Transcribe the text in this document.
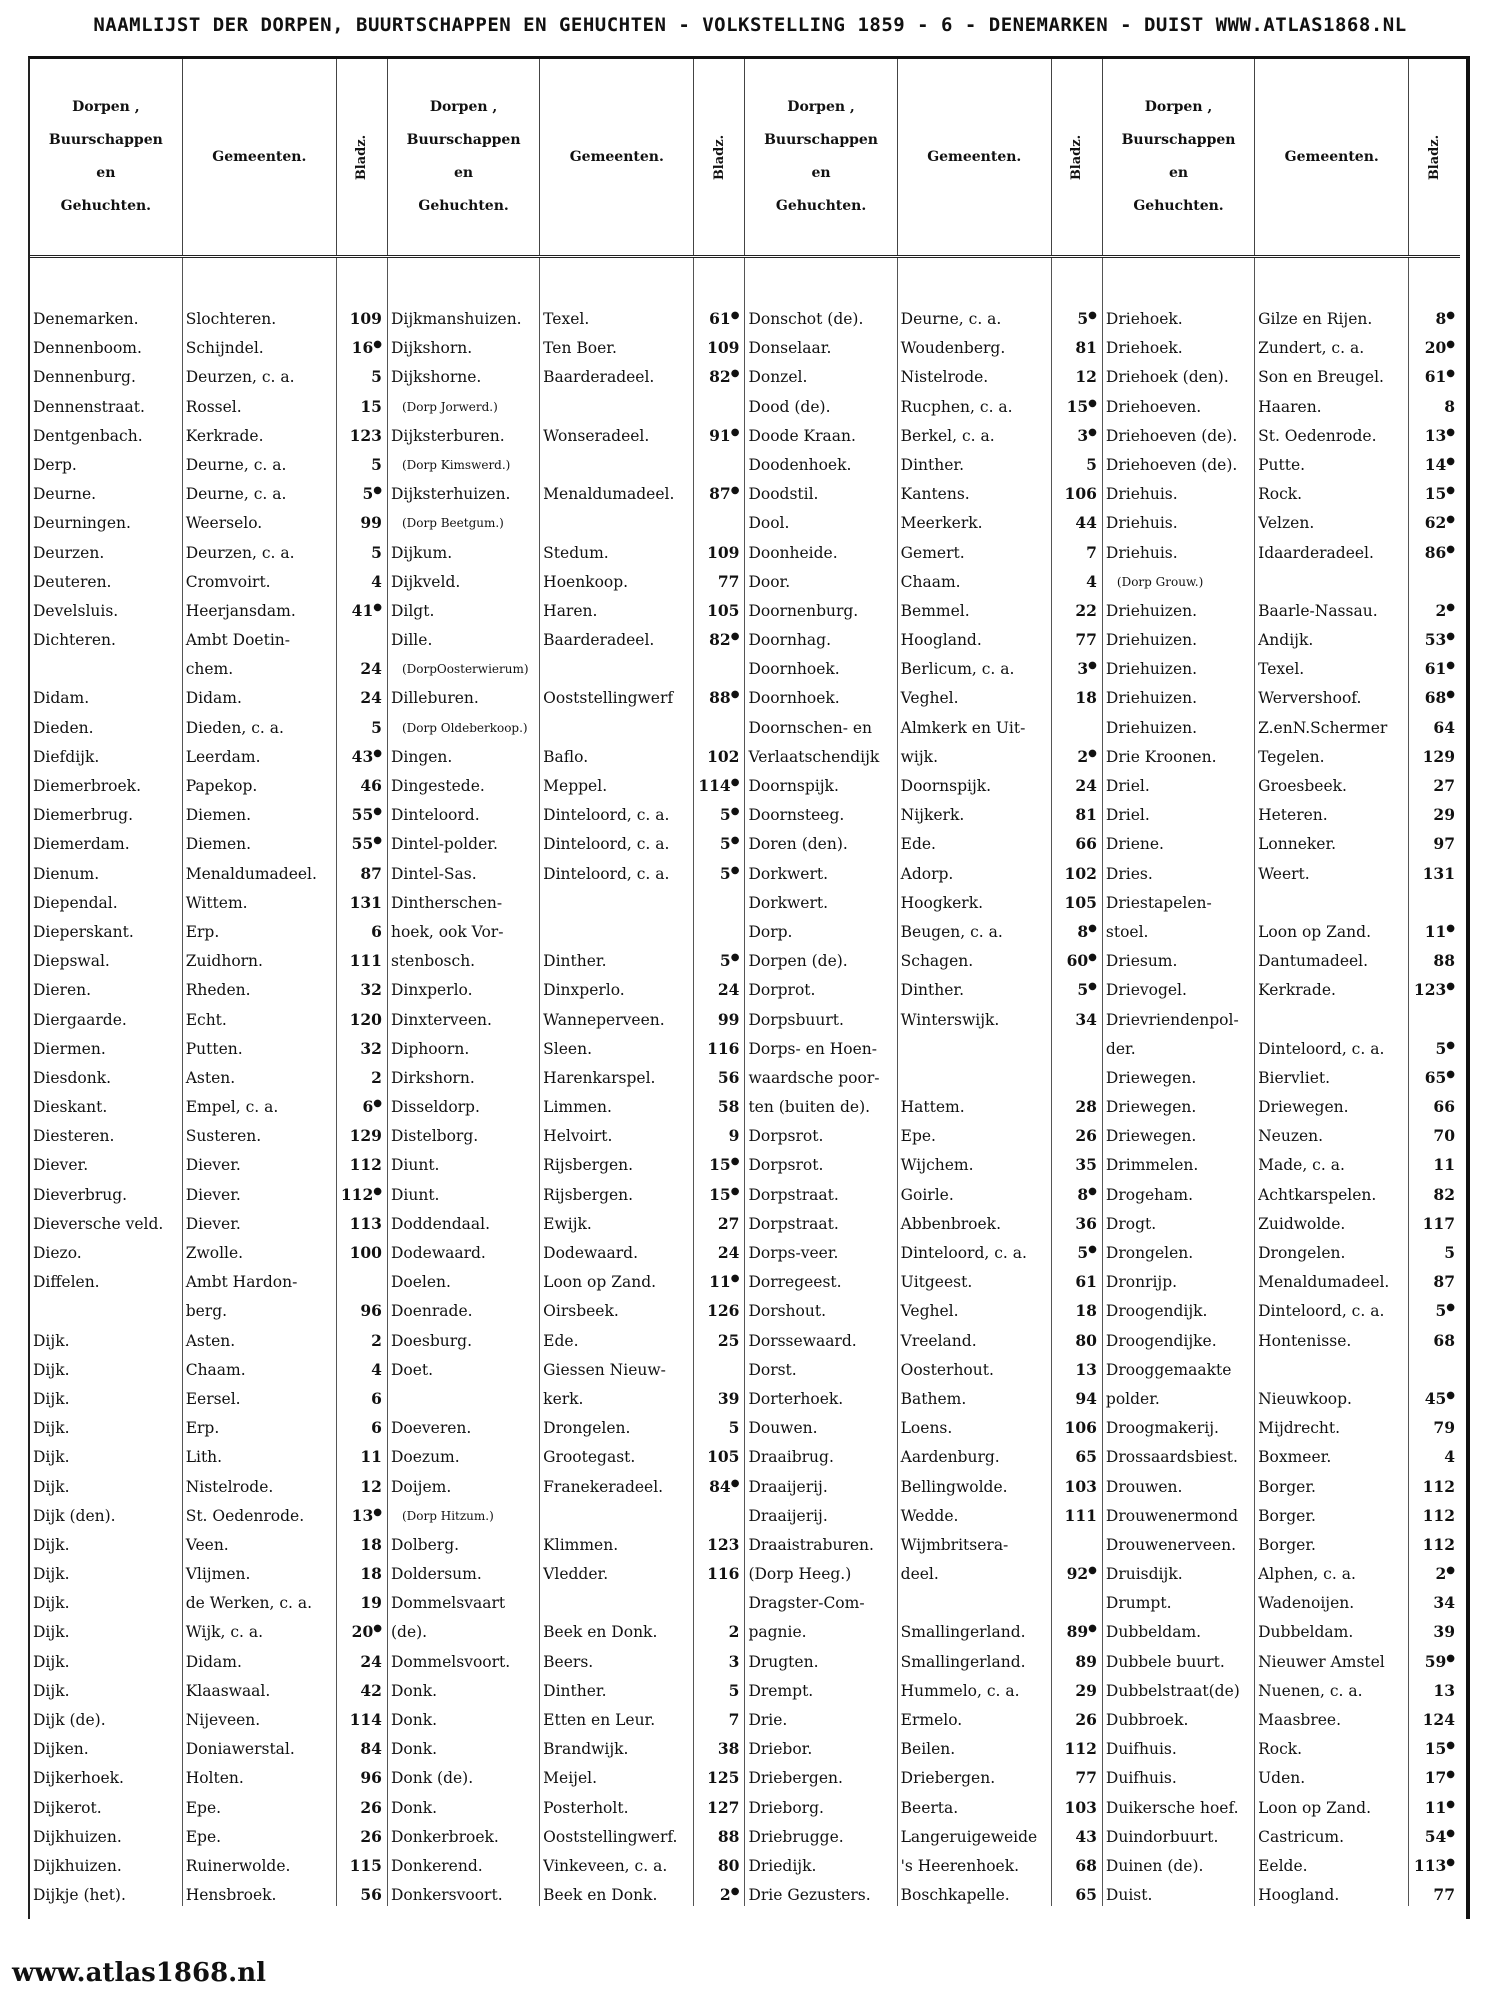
NAAMLIJST DER DORPEN, BUURTSCHAPPEN EN GEHUCHTEN - VOLKSTELLING 1859 - 6 - DENEMARKEN - DUIST WWW.ATLAS1868.NL
Dorpen ,
Buurschappen
en
Gehuchten.	Gemeenten.	Bladz.	Dorpen ,
Buurschappen
en
Gehuchten.	Gemeenten.	Bladz.	Dorpen ,
Buurschappen
en
Gehuchten.	Gemeenten.	Bladz.	Dorpen ,
Buurschappen
en
Gehuchten.	Gemeenten.	Bladz.
Denemarken.	Slochteren.	109	Dijkmanshuizen.	Texel.	61●	Donschot (de).	Deurne, c. a.	5●	Driehoek.	Gilze en Rijen.	8●
Dennenboom.	Schijndel.	16●	Dijkshorn.	Ten Boer.	109	Donselaar.	Woudenberg.	81	Driehoek.	Zundert, c. a.	20●
Dennenburg.	Deurzen, c. a.	5	Dijkshorne.	Baarderadeel.	82●	Donzel.	Nistelrode.	12	Driehoek (den).	Son en Breugel.	61●
Dennenstraat.	Rossel.	15	(Dorp Jorwerd.)			Dood (de).	Rucphen, c. a.	15●	Driehoeven.	Haaren.	8
Dentgenbach.	Kerkrade.	123	Dijksterburen.	Wonseradeel.	91●	Doode Kraan.	Berkel, c. a.	3●	Driehoeven (de).	St. Oedenrode.	13●
Derp.	Deurne, c. a.	5	(Dorp Kimswerd.)			Doodenhoek.	Dinther.	5	Driehoeven (de).	Putte.	14●
Deurne.	Deurne, c. a.	5●	Dijksterhuizen.	Menaldumadeel.	87●	Doodstil.	Kantens.	106	Driehuis.	Rock.	15●
Deurningen.	Weerselo.	99	(Dorp Beetgum.)			Dool.	Meerkerk.	44	Driehuis.	Velzen.	62●
Deurzen.	Deurzen, c. a.	5	Dijkum.	Stedum.	109	Doonheide.	Gemert.	7	Driehuis.	Idaarderadeel.	86●
Deuteren.	Cromvoirt.	4	Dijkveld.	Hoenkoop.	77	Door.	Chaam.	4	(Dorp Grouw.)		
Develsluis.	Heerjansdam.	41●	Dilgt.	Haren.	105	Doornenburg.	Bemmel.	22	Driehuizen.	Baarle-Nassau.	2●
Dichteren.	Ambt Doetin-		Dille.	Baarderadeel.	82●	Doornhag.	Hoogland.	77	Driehuizen.	Andijk.	53●
	chem.	24	(DorpOosterwierum)			Doornhoek.	Berlicum, c. a.	3●	Driehuizen.	Texel.	61●
Didam.	Didam.	24	Dilleburen.	Ooststellingwerf	88●	Doornhoek.	Veghel.	18	Driehuizen.	Wervershoof.	68●
Dieden.	Dieden, c. a.	5	(Dorp Oldeberkoop.)			Doornschen- en	Almkerk en Uit-		Driehuizen.	Z.enN.Schermer	64
Diefdijk.	Leerdam.	43●	Dingen.	Baflo.	102	Verlaatschendijk	wijk.	2●	Drie Kroonen.	Tegelen.	129
Diemerbroek.	Papekop.	46	Dingestede.	Meppel.	114●	Doornspijk.	Doornspijk.	24	Driel.	Groesbeek.	27
Diemerbrug.	Diemen.	55●	Dinteloord.	Dinteloord, c. a.	5●	Doornsteeg.	Nijkerk.	81	Driel.	Heteren.	29
Diemerdam.	Diemen.	55●	Dintel-polder.	Dinteloord, c. a.	5●	Doren (den).	Ede.	66	Driene.	Lonneker.	97
Dienum.	Menaldumadeel.	87	Dintel-Sas.	Dinteloord, c. a.	5●	Dorkwert.	Adorp.	102	Dries.	Weert.	131
Diependal.	Wittem.	131	Dintherschen-			Dorkwert.	Hoogkerk.	105	Driestapelen-		
Dieperskant.	Erp.	6	hoek, ook Vor-			Dorp.	Beugen, c. a.	8●	stoel.	Loon op Zand.	11●
Diepswal.	Zuidhorn.	111	stenbosch.	Dinther.	5●	Dorpen (de).	Schagen.	60●	Driesum.	Dantumadeel.	88
Dieren.	Rheden.	32	Dinxperlo.	Dinxperlo.	24	Dorprot.	Dinther.	5●	Drievogel.	Kerkrade.	123●
Diergaarde.	Echt.	120	Dinxterveen.	Wanneperveen.	99	Dorpsbuurt.	Winterswijk.	34	Drievriendenpol-		
Diermen.	Putten.	32	Diphoorn.	Sleen.	116	Dorps- en Hoen-			der.	Dinteloord, c. a.	5●
Diesdonk.	Asten.	2	Dirkshorn.	Harenkarspel.	56	waardsche poor-			Driewegen.	Biervliet.	65●
Dieskant.	Empel, c. a.	6●	Disseldorp.	Limmen.	58	ten (buiten de).	Hattem.	28	Driewegen.	Driewegen.	66
Diesteren.	Susteren.	129	Distelborg.	Helvoirt.	9	Dorpsrot.	Epe.	26	Driewegen.	Neuzen.	70
Diever.	Diever.	112	Diunt.	Rijsbergen.	15●	Dorpsrot.	Wijchem.	35	Drimmelen.	Made, c. a.	11
Dieverbrug.	Diever.	112●	Diunt.	Rijsbergen.	15●	Dorpstraat.	Goirle.	8●	Drogeham.	Achtkarspelen.	82
Dieversche veld.	Diever.	113	Doddendaal.	Ewijk.	27	Dorpstraat.	Abbenbroek.	36	Drogt.	Zuidwolde.	117
Diezo.	Zwolle.	100	Dodewaard.	Dodewaard.	24	Dorps-veer.	Dinteloord, c. a.	5●	Drongelen.	Drongelen.	5
Diffelen.	Ambt Hardon-		Doelen.	Loon op Zand.	11●	Dorregeest.	Uitgeest.	61	Dronrijp.	Menaldumadeel.	87
	berg.	96	Doenrade.	Oirsbeek.	126	Dorshout.	Veghel.	18	Droogendijk.	Dinteloord, c. a.	5●
Dijk.	Asten.	2	Doesburg.	Ede.	25	Dorssewaard.	Vreeland.	80	Droogendijke.	Hontenisse.	68
Dijk.	Chaam.	4	Doet.	Giessen Nieuw-		Dorst.	Oosterhout.	13	Drooggemaakte		
Dijk.	Eersel.	6		kerk.	39	Dorterhoek.	Bathem.	94	polder.	Nieuwkoop.	45●
Dijk.	Erp.	6	Doeveren.	Drongelen.	5	Douwen.	Loens.	106	Droogmakerij.	Mijdrecht.	79
Dijk.	Lith.	11	Doezum.	Grootegast.	105	Draaibrug.	Aardenburg.	65	Drossaardsbiest.	Boxmeer.	4
Dijk.	Nistelrode.	12	Doijem.	Franekeradeel.	84●	Draaijerij.	Bellingwolde.	103	Drouwen.	Borger.	112
Dijk (den).	St. Oedenrode.	13●	(Dorp Hitzum.)			Draaijerij.	Wedde.	111	Drouwenermond	Borger.	112
Dijk.	Veen.	18	Dolberg.	Klimmen.	123	Draaistraburen.	Wijmbritsera-		Drouwenerveen.	Borger.	112
Dijk.	Vlijmen.	18	Doldersum.	Vledder.	116	(Dorp Heeg.)	deel.	92●	Druisdijk.	Alphen, c. a.	2●
Dijk.	de Werken, c. a.	19	Dommelsvaart			Dragster-Com-			Drumpt.	Wadenoijen.	34
Dijk.	Wijk, c. a.	20●	(de).	Beek en Donk.	2	pagnie.	Smallingerland.	89●	Dubbeldam.	Dubbeldam.	39
Dijk.	Didam.	24	Dommelsvoort.	Beers.	3	Drugten.	Smallingerland.	89	Dubbele buurt.	Nieuwer Amstel	59●
Dijk.	Klaaswaal.	42	Donk.	Dinther.	5	Drempt.	Hummelo, c. a.	29	Dubbelstraat(de)	Nuenen, c. a.	13
Dijk (de).	Nijeveen.	114	Donk.	Etten en Leur.	7	Drie.	Ermelo.	26	Dubbroek.	Maasbree.	124
Dijken.	Doniawerstal.	84	Donk.	Brandwijk.	38	Driebor.	Beilen.	112	Duifhuis.	Rock.	15●
Dijkerhoek.	Holten.	96	Donk (de).	Meijel.	125	Driebergen.	Driebergen.	77	Duifhuis.	Uden.	17●
Dijkerot.	Epe.	26	Donk.	Posterholt.	127	Drieborg.	Beerta.	103	Duikersche hoef.	Loon op Zand.	11●
Dijkhuizen.	Epe.	26	Donkerbroek.	Ooststellingwerf.	88	Driebrugge.	Langeruigeweide	43	Duindorbuurt.	Castricum.	54●
Dijkhuizen.	Ruinerwolde.	115	Donkerend.	Vinkeveen, c. a.	80	Driedijk.	's Heerenhoek.	68	Duinen (de).	Eelde.	113●
Dijkje (het).	Hensbroek.	56	Donkersvoort.	Beek en Donk.	2●	Drie Gezusters.	Boschkapelle.	65	Duist.	Hoogland.	77
www.atlas1868.nl
